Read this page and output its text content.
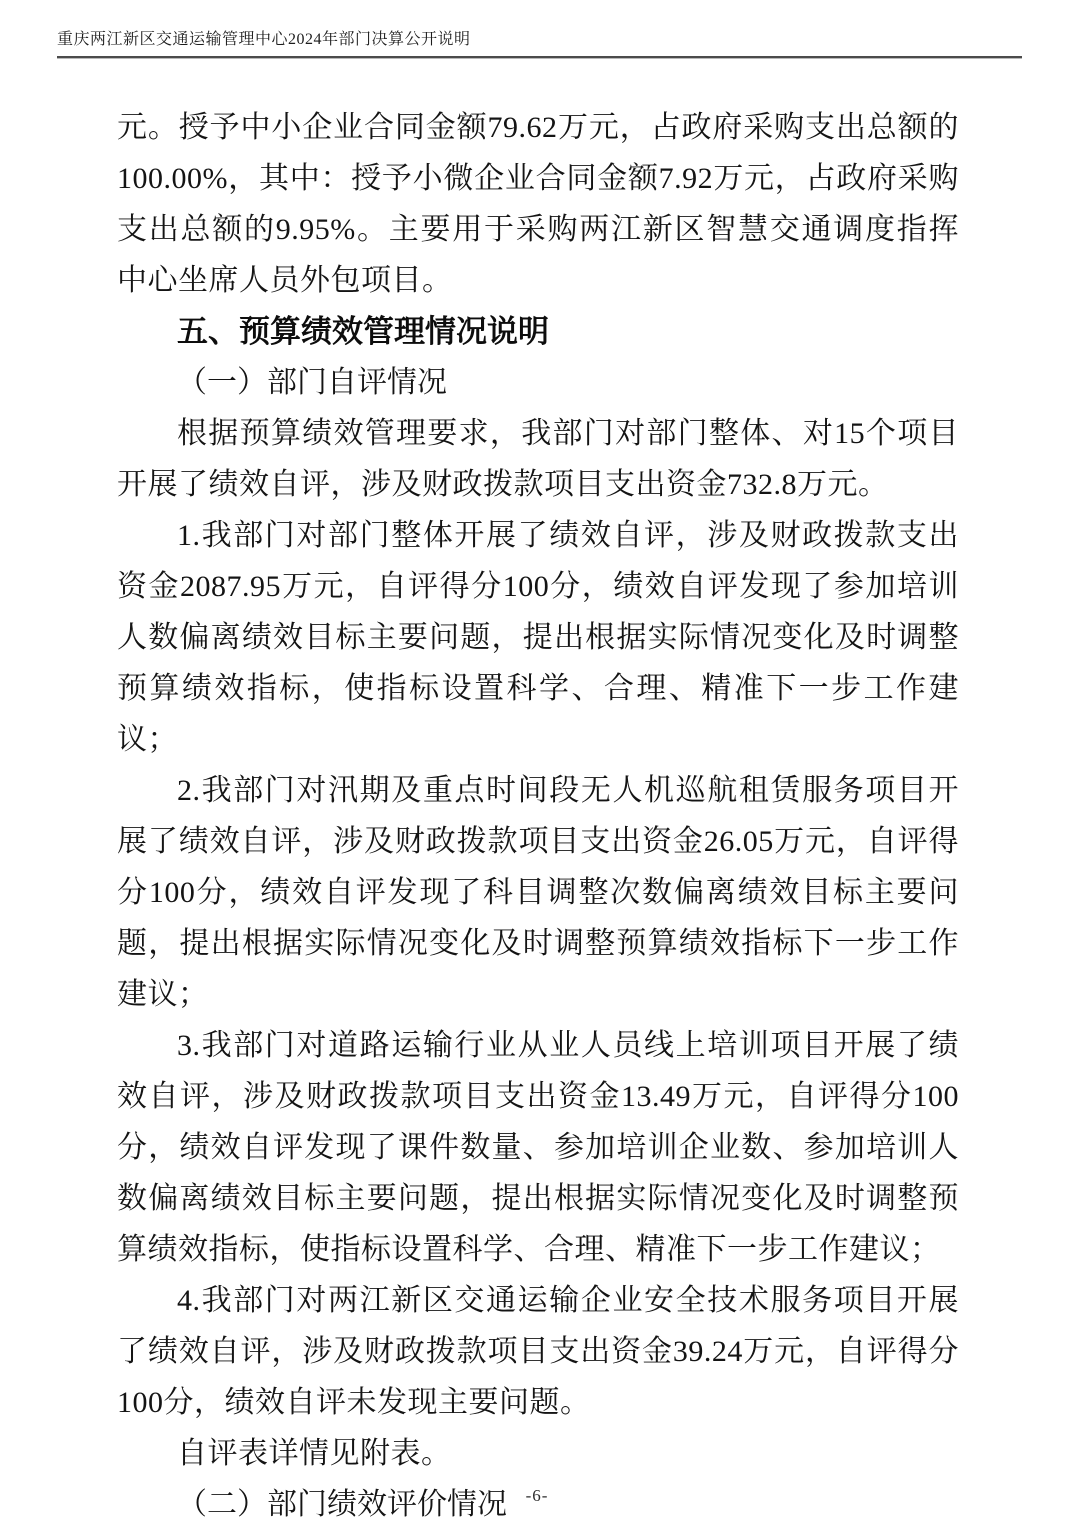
重庆两江新区交通运输管理中心2024年部门决算公开说明

元。授予中小企业合同金额79.62万元，占政府采购支出总额的100.00%，其中：授予小微企业合同金额7.92万元，占政府采购支出总额的9.95%。主要用于采购两江新区智慧交通调度指挥中心坐席人员外包项目。

五、预算绩效管理情况说明

（一）部门自评情况

根据预算绩效管理要求，我部门对部门整体、对15个项目开展了绩效自评，涉及财政拨款项目支出资金732.8万元。

1.我部门对部门整体开展了绩效自评，涉及财政拨款支出资金2087.95万元，自评得分100分，绩效自评发现了参加培训人数偏离绩效目标主要问题，提出根据实际情况变化及时调整预算绩效指标，使指标设置科学、合理、精准下一步工作建议；

2.我部门对汛期及重点时间段无人机巡航租赁服务项目开展了绩效自评，涉及财政拨款项目支出资金26.05万元，自评得分100分，绩效自评发现了科目调整次数偏离绩效目标主要问题，提出根据实际情况变化及时调整预算绩效指标下一步工作建议；

3.我部门对道路运输行业从业人员线上培训项目开展了绩效自评，涉及财政拨款项目支出资金13.49万元，自评得分100分，绩效自评发现了课件数量、参加培训企业数、参加培训人数偏离绩效目标主要问题，提出根据实际情况变化及时调整预算绩效指标，使指标设置科学、合理、精准下一步工作建议；

4.我部门对两江新区交通运输企业安全技术服务项目开展了绩效自评，涉及财政拨款项目支出资金39.24万元，自评得分100分，绩效自评未发现主要问题。

自评表详情见附表。

（二）部门绩效评价情况	-6-
